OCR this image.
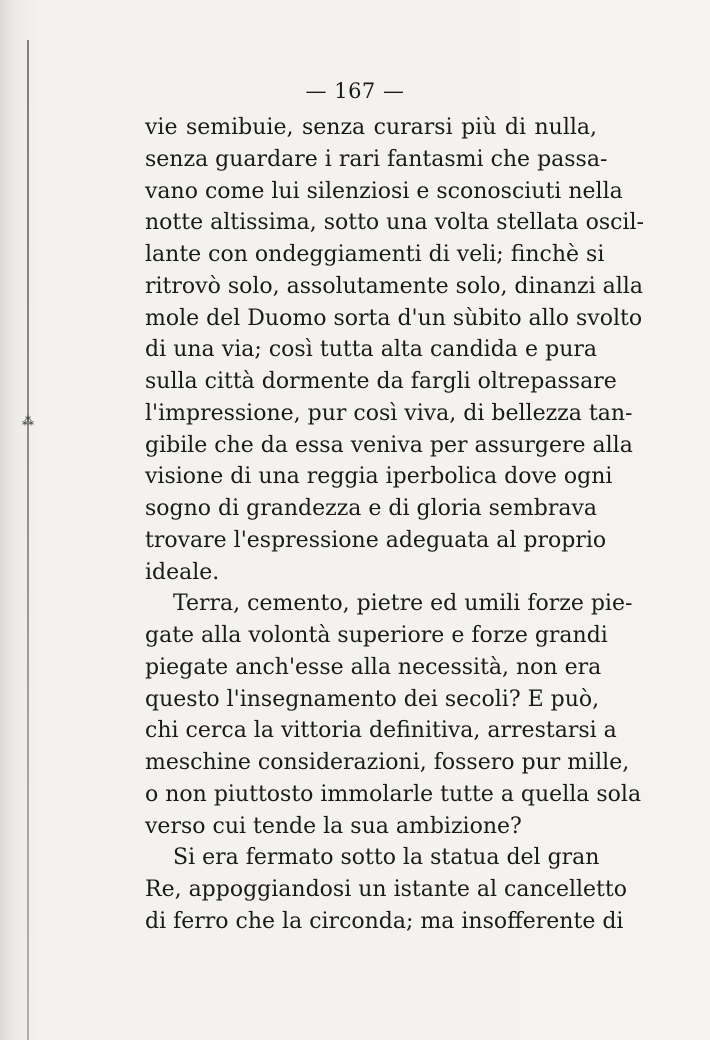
⁂
— 167 —
vie semibuie, senza curarsi più di nulla,
senza guardare i rari fantasmi che passa-
vano come lui silenziosi e sconosciuti nella
notte altissima, sotto una volta stellata oscil-
lante con ondeggiamenti di veli; finchè si
ritrovò solo, assolutamente solo, dinanzi alla
mole del Duomo sorta d'un sùbito allo svolto
di una via; così tutta alta candida e pura
sulla città dormente da fargli oltrepassare
l'impressione, pur così viva, di bellezza tan-
gibile che da essa veniva per assurgere alla
visione di una reggia iperbolica dove ogni
sogno di grandezza e di gloria sembrava
trovare l'espressione adeguata al proprio
ideale.
Terra, cemento, pietre ed umili forze pie-
gate alla volontà superiore e forze grandi
piegate anch'esse alla necessità, non era
questo l'insegnamento dei secoli? E può,
chi cerca la vittoria definitiva, arrestarsi a
meschine considerazioni, fossero pur mille,
o non piuttosto immolarle tutte a quella sola
verso cui tende la sua ambizione?
Si era fermato sotto la statua del gran
Re, appoggiandosi un istante al cancelletto
di ferro che la circonda; ma insofferente di
